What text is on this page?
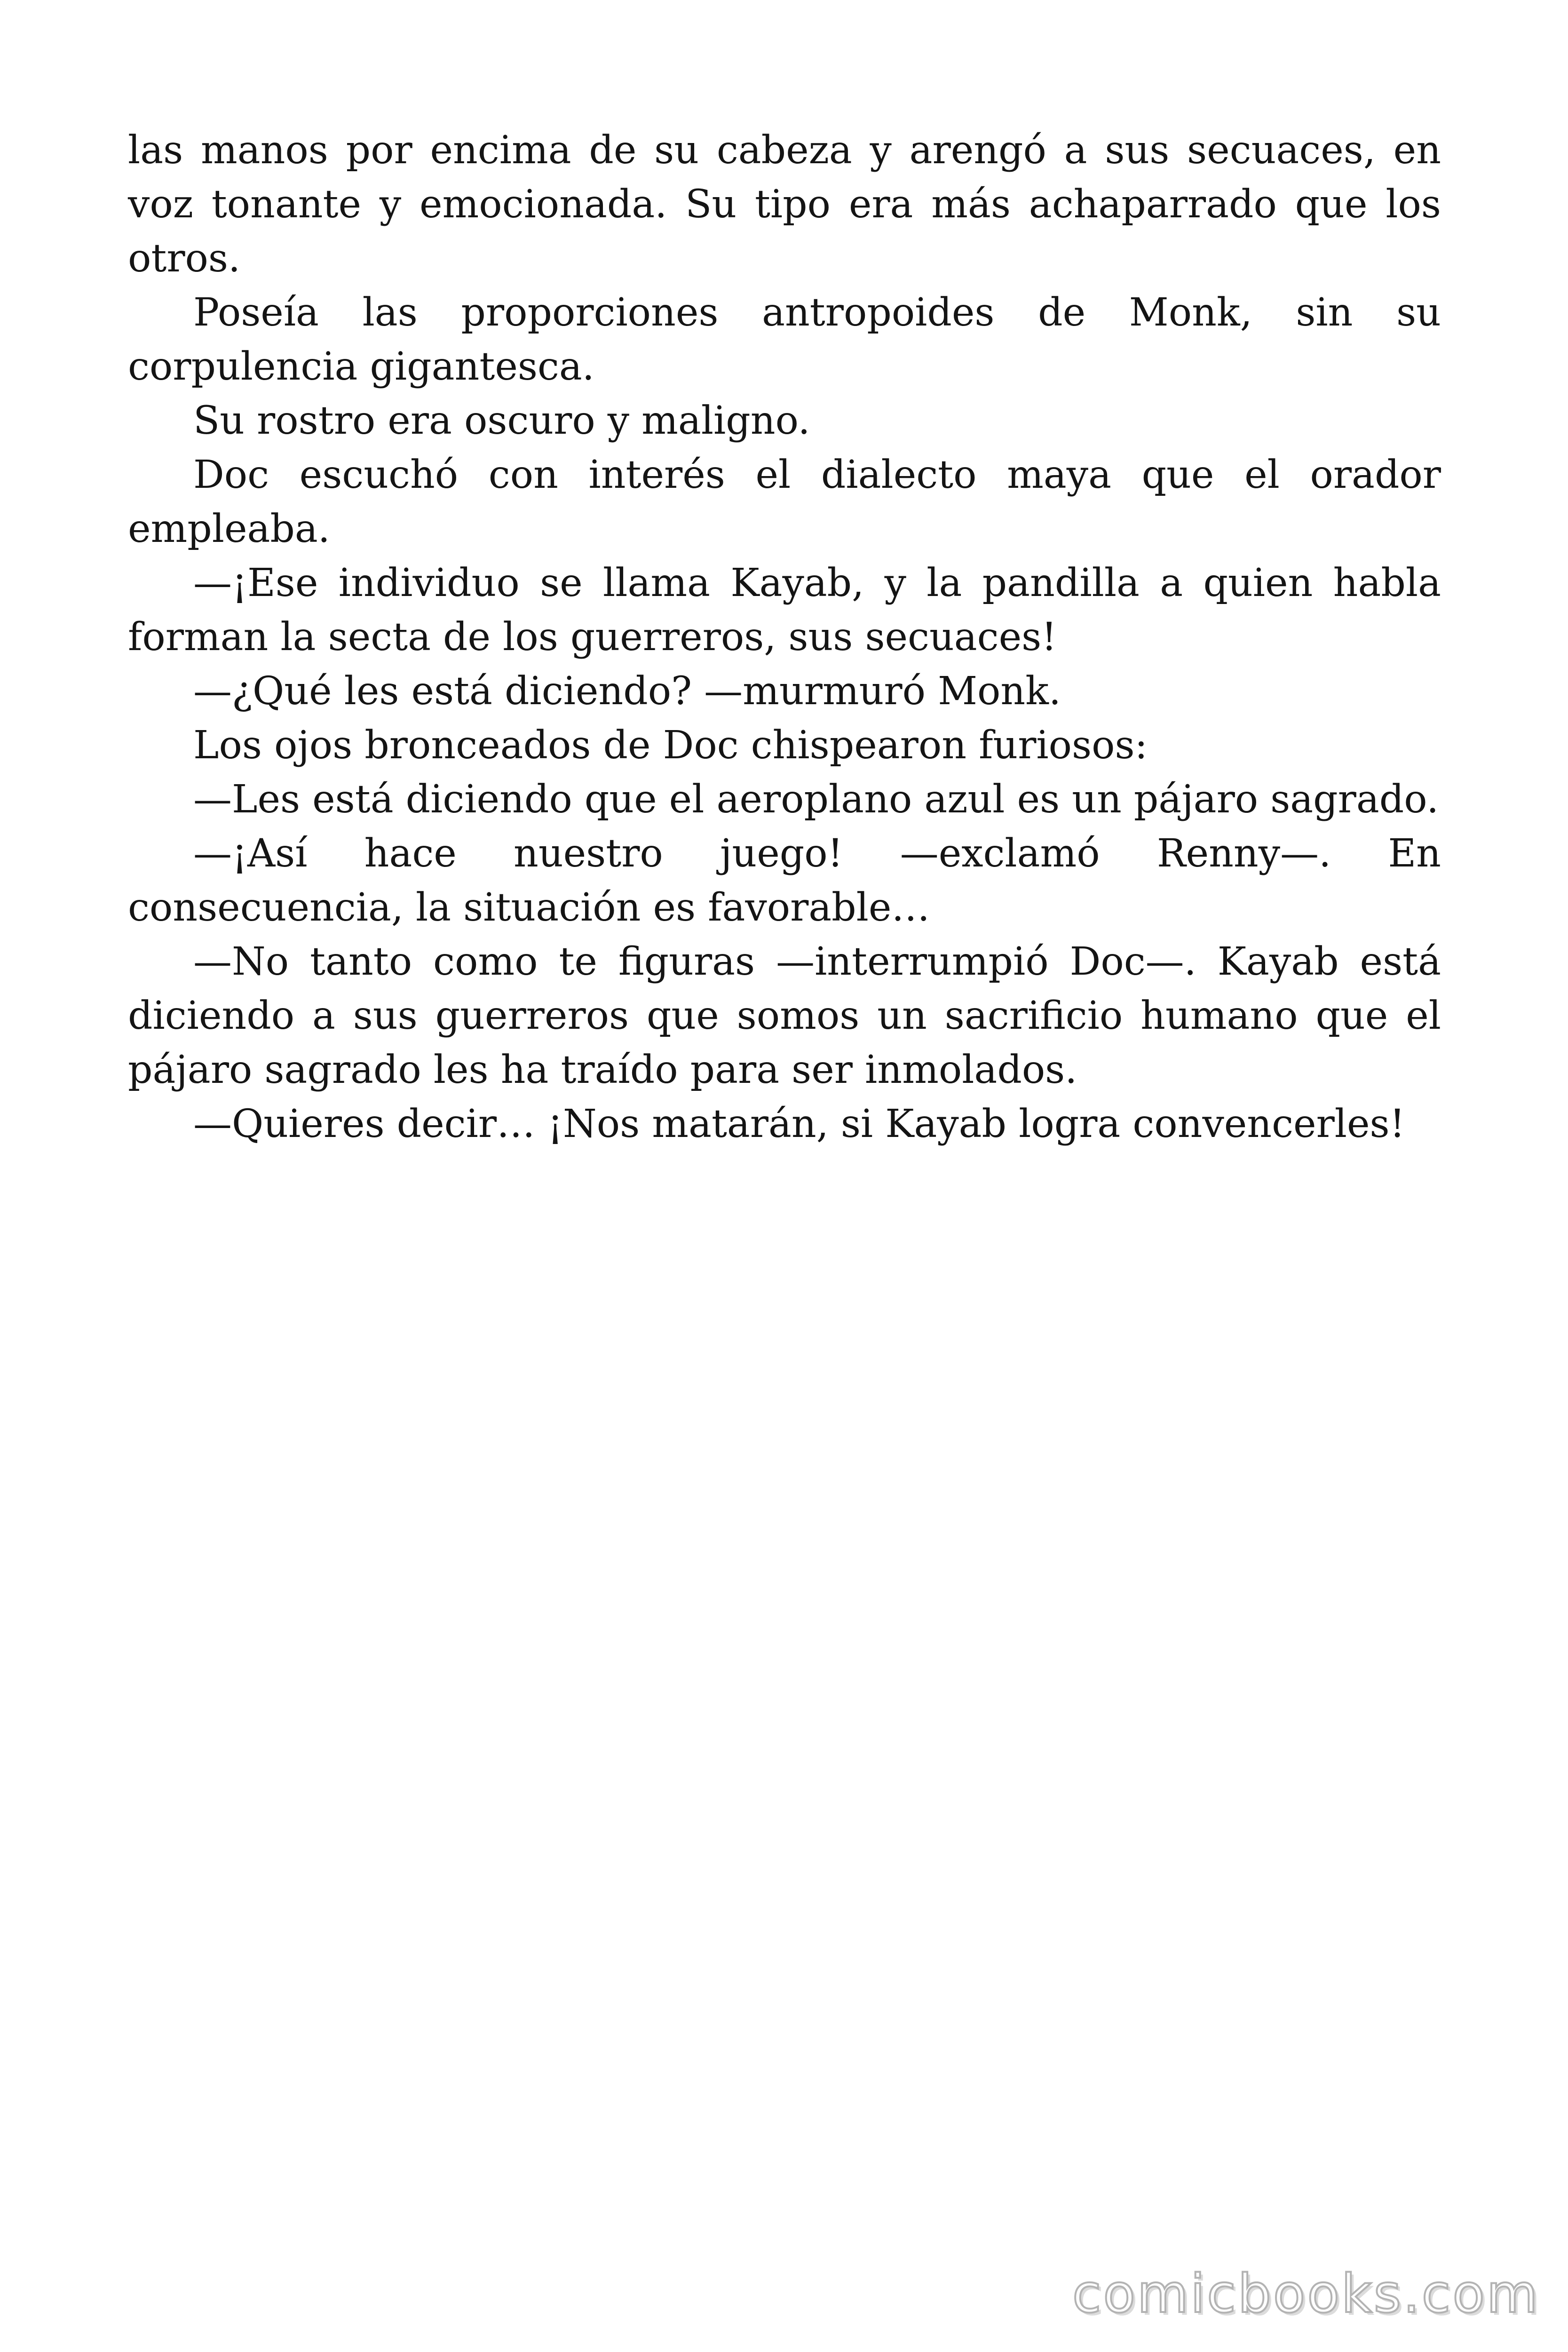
las manos por encima de su cabeza y arengó a sus secuaces, en voz tonante y emocionada. Su tipo era más achaparrado que los otros.

Poseía las proporciones antropoides de Monk, sin su corpulencia gigantesca.

Su rostro era oscuro y maligno.

Doc escuchó con interés el dialecto maya que el orador empleaba.

—¡Ese individuo se llama Kayab, y la pandilla a quien habla forman la secta de los guerreros, sus secuaces!

—¿Qué les está diciendo? —murmuró Monk.

Los ojos bronceados de Doc chispearon furiosos:

—Les está diciendo que el aeroplano azul es un pájaro sagrado.

—¡Así hace nuestro juego! —exclamó Renny—. En consecuencia, la situación es favorable…

—No tanto como te figuras —interrumpió Doc—. Kayab está diciendo a sus guerreros que somos un sacrificio humano que el pájaro sagrado les ha traído para ser inmolados.

—Quieres decir… ¡Nos matarán, si Kayab logra convencerles!

comicbooks.com
